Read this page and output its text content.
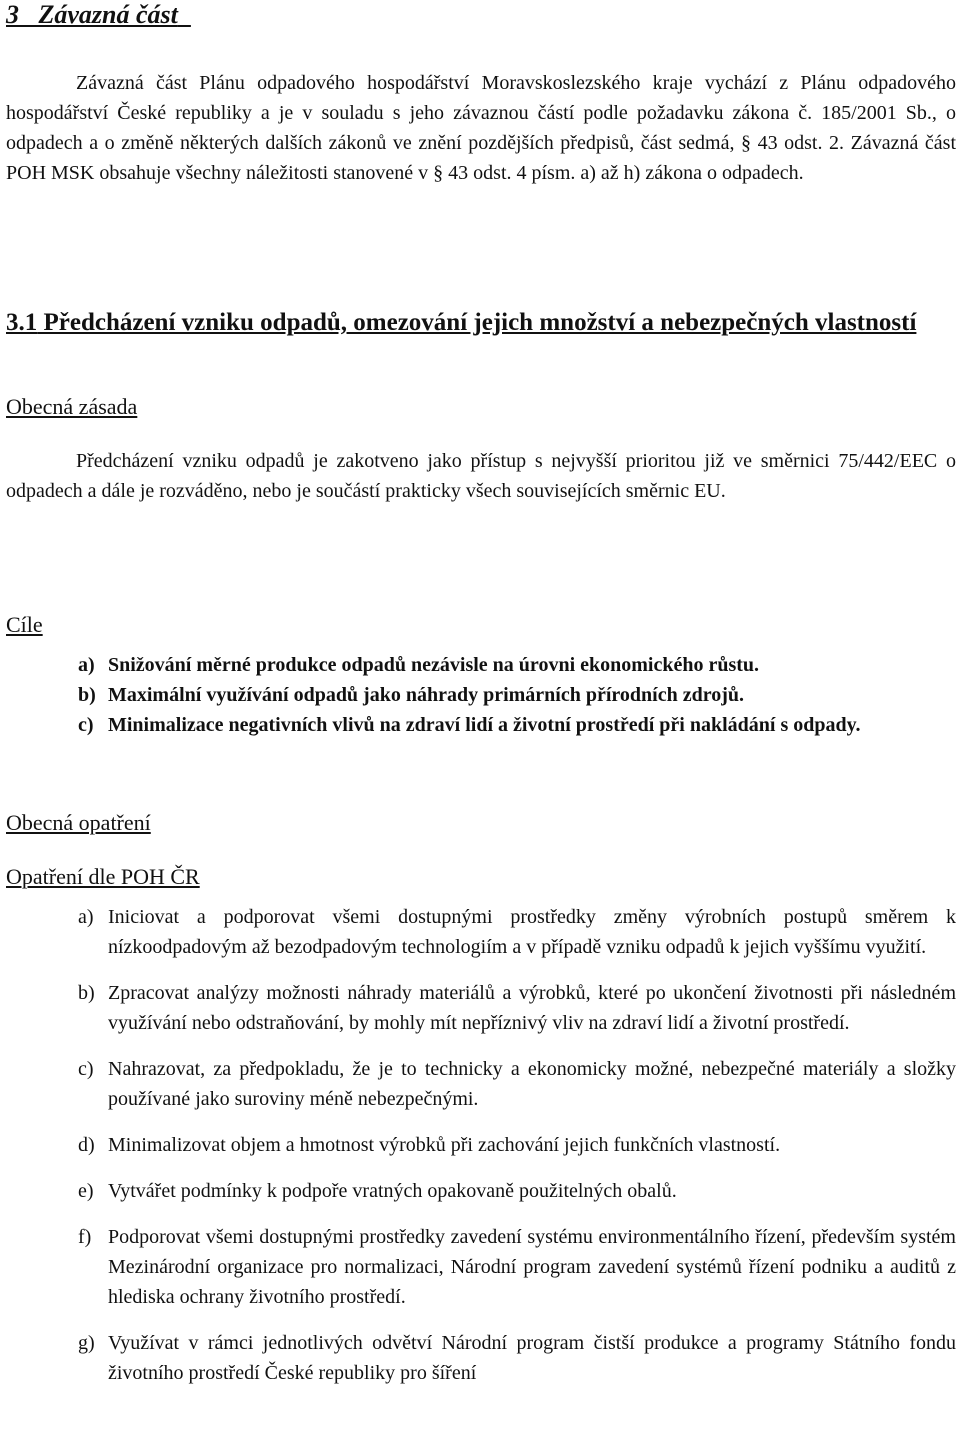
3 Závazná část

Závazná část Plánu odpadového hospodářství Moravskoslezského kraje vychází z Plánu odpadového hospodářství České republiky a je v souladu s jeho závaznou částí podle požadavku zákona č. 185/2001 Sb., o odpadech a o změně některých dalších zákonů ve znění pozdějších předpisů, část sedmá, § 43 odst. 2. Závazná část POH MSK obsahuje všechny náležitosti stanovené v § 43 odst. 4 písm. a) až h) zákona o odpadech.

3.1 Předcházení vzniku odpadů, omezování jejich množství a nebezpečných vlastností
Obecná zásada

Předcházení vzniku odpadů je zakotveno jako přístup s nejvyšší prioritou již ve směrnici 75/442/EEC o odpadech a dále je rozváděno, nebo je součástí prakticky všech souvisejících směrnic EU.

Cíle
a) Snižování měrné produkce odpadů nezávisle na úrovni ekonomického růstu.
b) Maximální využívání odpadů jako náhrady primárních přírodních zdrojů.
c) Minimalizace negativních vlivů na zdraví lidí a životní prostředí při nakládání s odpady.
Obecná opatření
Opatření dle POH ČR
a) Iniciovat a podporovat všemi dostupnými prostředky změny výrobních postupů směrem k nízkoodpadovým až bezodpadovým technologiím a v případě vzniku odpadů k jejich vyššímu využití.
b) Zpracovat analýzy možnosti náhrady materiálů a výrobků, které po ukončení životnosti při následném využívání nebo odstraňování, by mohly mít nepříznivý vliv na zdraví lidí a životní prostředí.
c) Nahrazovat, za předpokladu, že je to technicky a ekonomicky možné, nebezpečné materiály a složky používané jako suroviny méně nebezpečnými.
d) Minimalizovat objem a hmotnost výrobků při zachování jejich funkčních vlastností.
e) Vytvářet podmínky k podpoře vratných opakovaně použitelných obalů.
f) Podporovat všemi dostupnými prostředky zavedení systému environmentálního řízení, především systém Mezinárodní organizace pro normalizaci, Národní program zavedení systémů řízení podniku a auditů z hlediska ochrany životního prostředí.
g) Využívat v rámci jednotlivých odvětví Národní program čistší produkce a programy Státního fondu životního prostředí České republiky pro šíření
